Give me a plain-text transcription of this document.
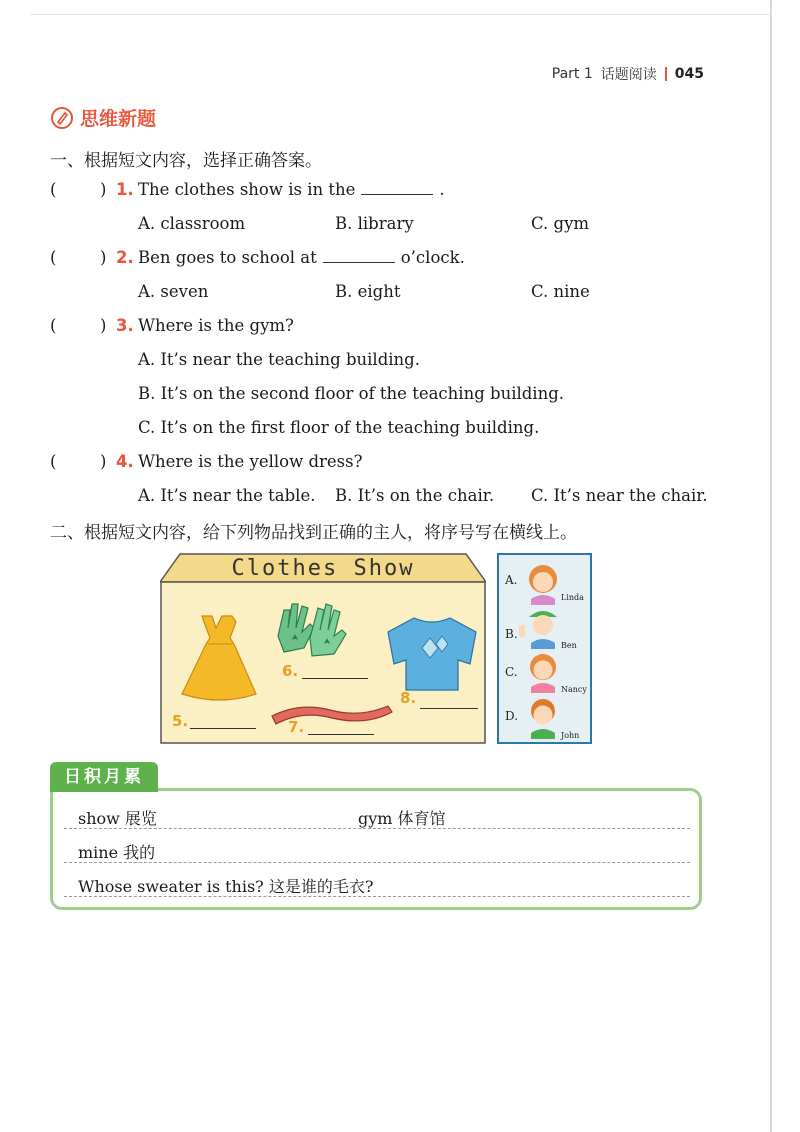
Part 1 话题阅读 045
思维新题
一、根据短文内容，选择正确答案。
(	) 1. The clothes show is in the	.
A. classroom	B. library	C. gym
(	) 2. Ben goes to school at	o’clock.
A. seven	B. eight	C. nine
(	) 3. Where is the gym?
A. It’s near the teaching building.
B. It’s on the second floor of the teaching building.
C. It’s on the first floor of the teaching building.
(	) 4. Where is the yellow dress?
A. It’s near the table. B. It’s on the chair. C. It’s near the chair.
二、根据短文内容，给下列物品找到正确的主人，将序号写在横线上。
Clothes Show
5.
6.
7.
8.
A.
Linda
B.
Ben
C.
Nancy
D.
John
日积月累
show 展览	gym 体育馆
mine 我的
Whose sweater is this? 这是谁的毛衣?
